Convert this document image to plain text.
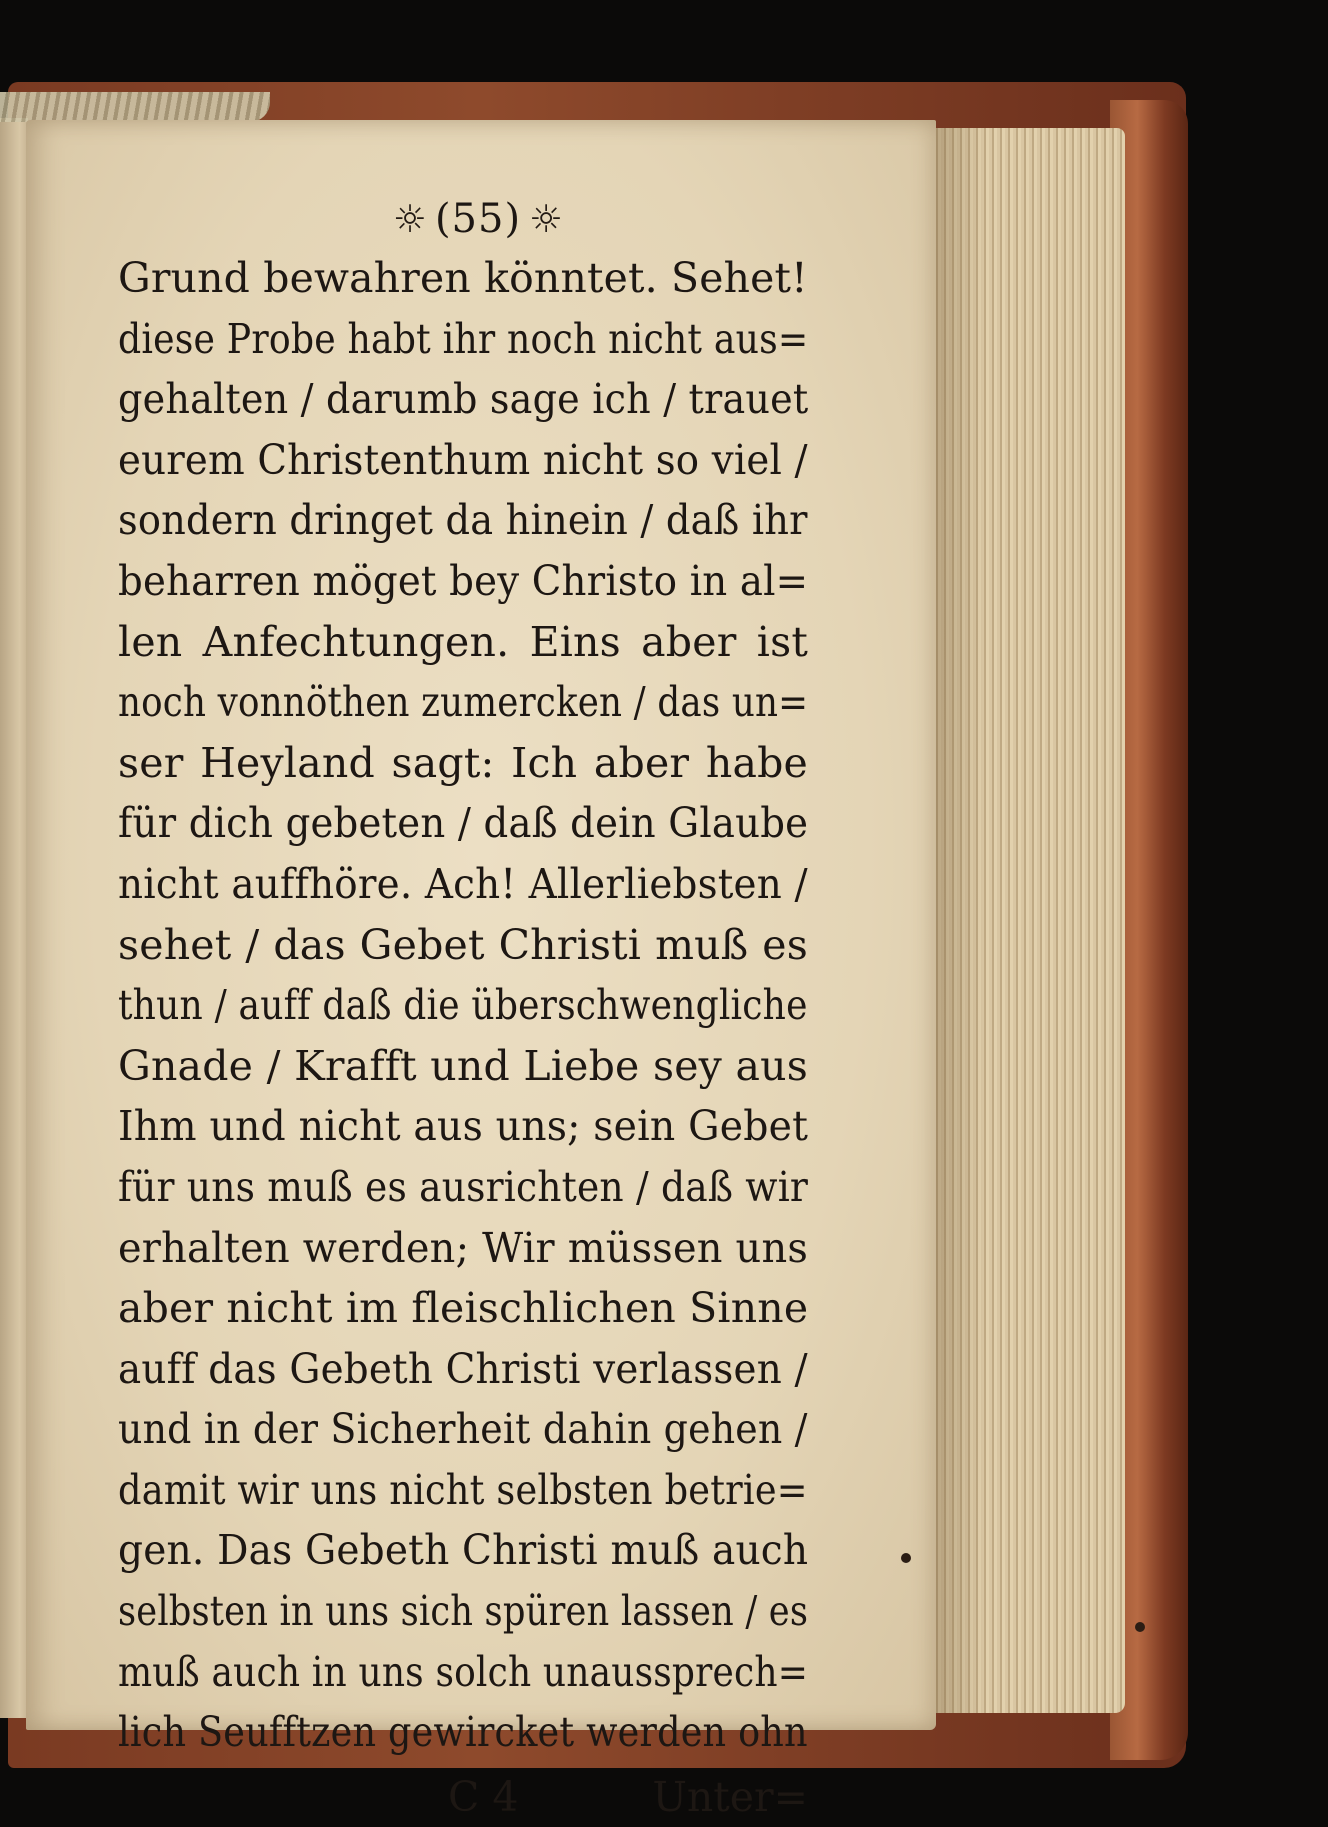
☼ (55) ☼
Grund bewahren könntet. Sehet!
diese Probe habt ihr noch nicht aus=
gehalten / darumb sage ich / trauet
eurem Christenthum nicht so viel /
sondern dringet da hinein / daß ihr
beharren möget bey Christo in al=
len Anfechtungen. Eins aber ist
noch vonnöthen zumercken / das un=
ser Heyland sagt: Ich aber habe
für dich gebeten / daß dein Glaube
nicht auffhöre. Ach! Allerliebsten /
sehet / das Gebet Christi muß es
thun / auff daß die überschwengliche
Gnade / Krafft und Liebe sey aus
Ihm und nicht aus uns; sein Gebet
für uns muß es ausrichten / daß wir
erhalten werden; Wir müssen uns
aber nicht im fleischlichen Sinne
auff das Gebeth Christi verlassen /
und in der Sicherheit dahin gehen /
damit wir uns nicht selbsten betrie=
gen. Das Gebeth Christi muß auch
selbsten in uns sich spüren lassen / es
muß auch in uns solch unaussprech=
lich Seufftzen gewircket werden ohn
C 4	Unter=
